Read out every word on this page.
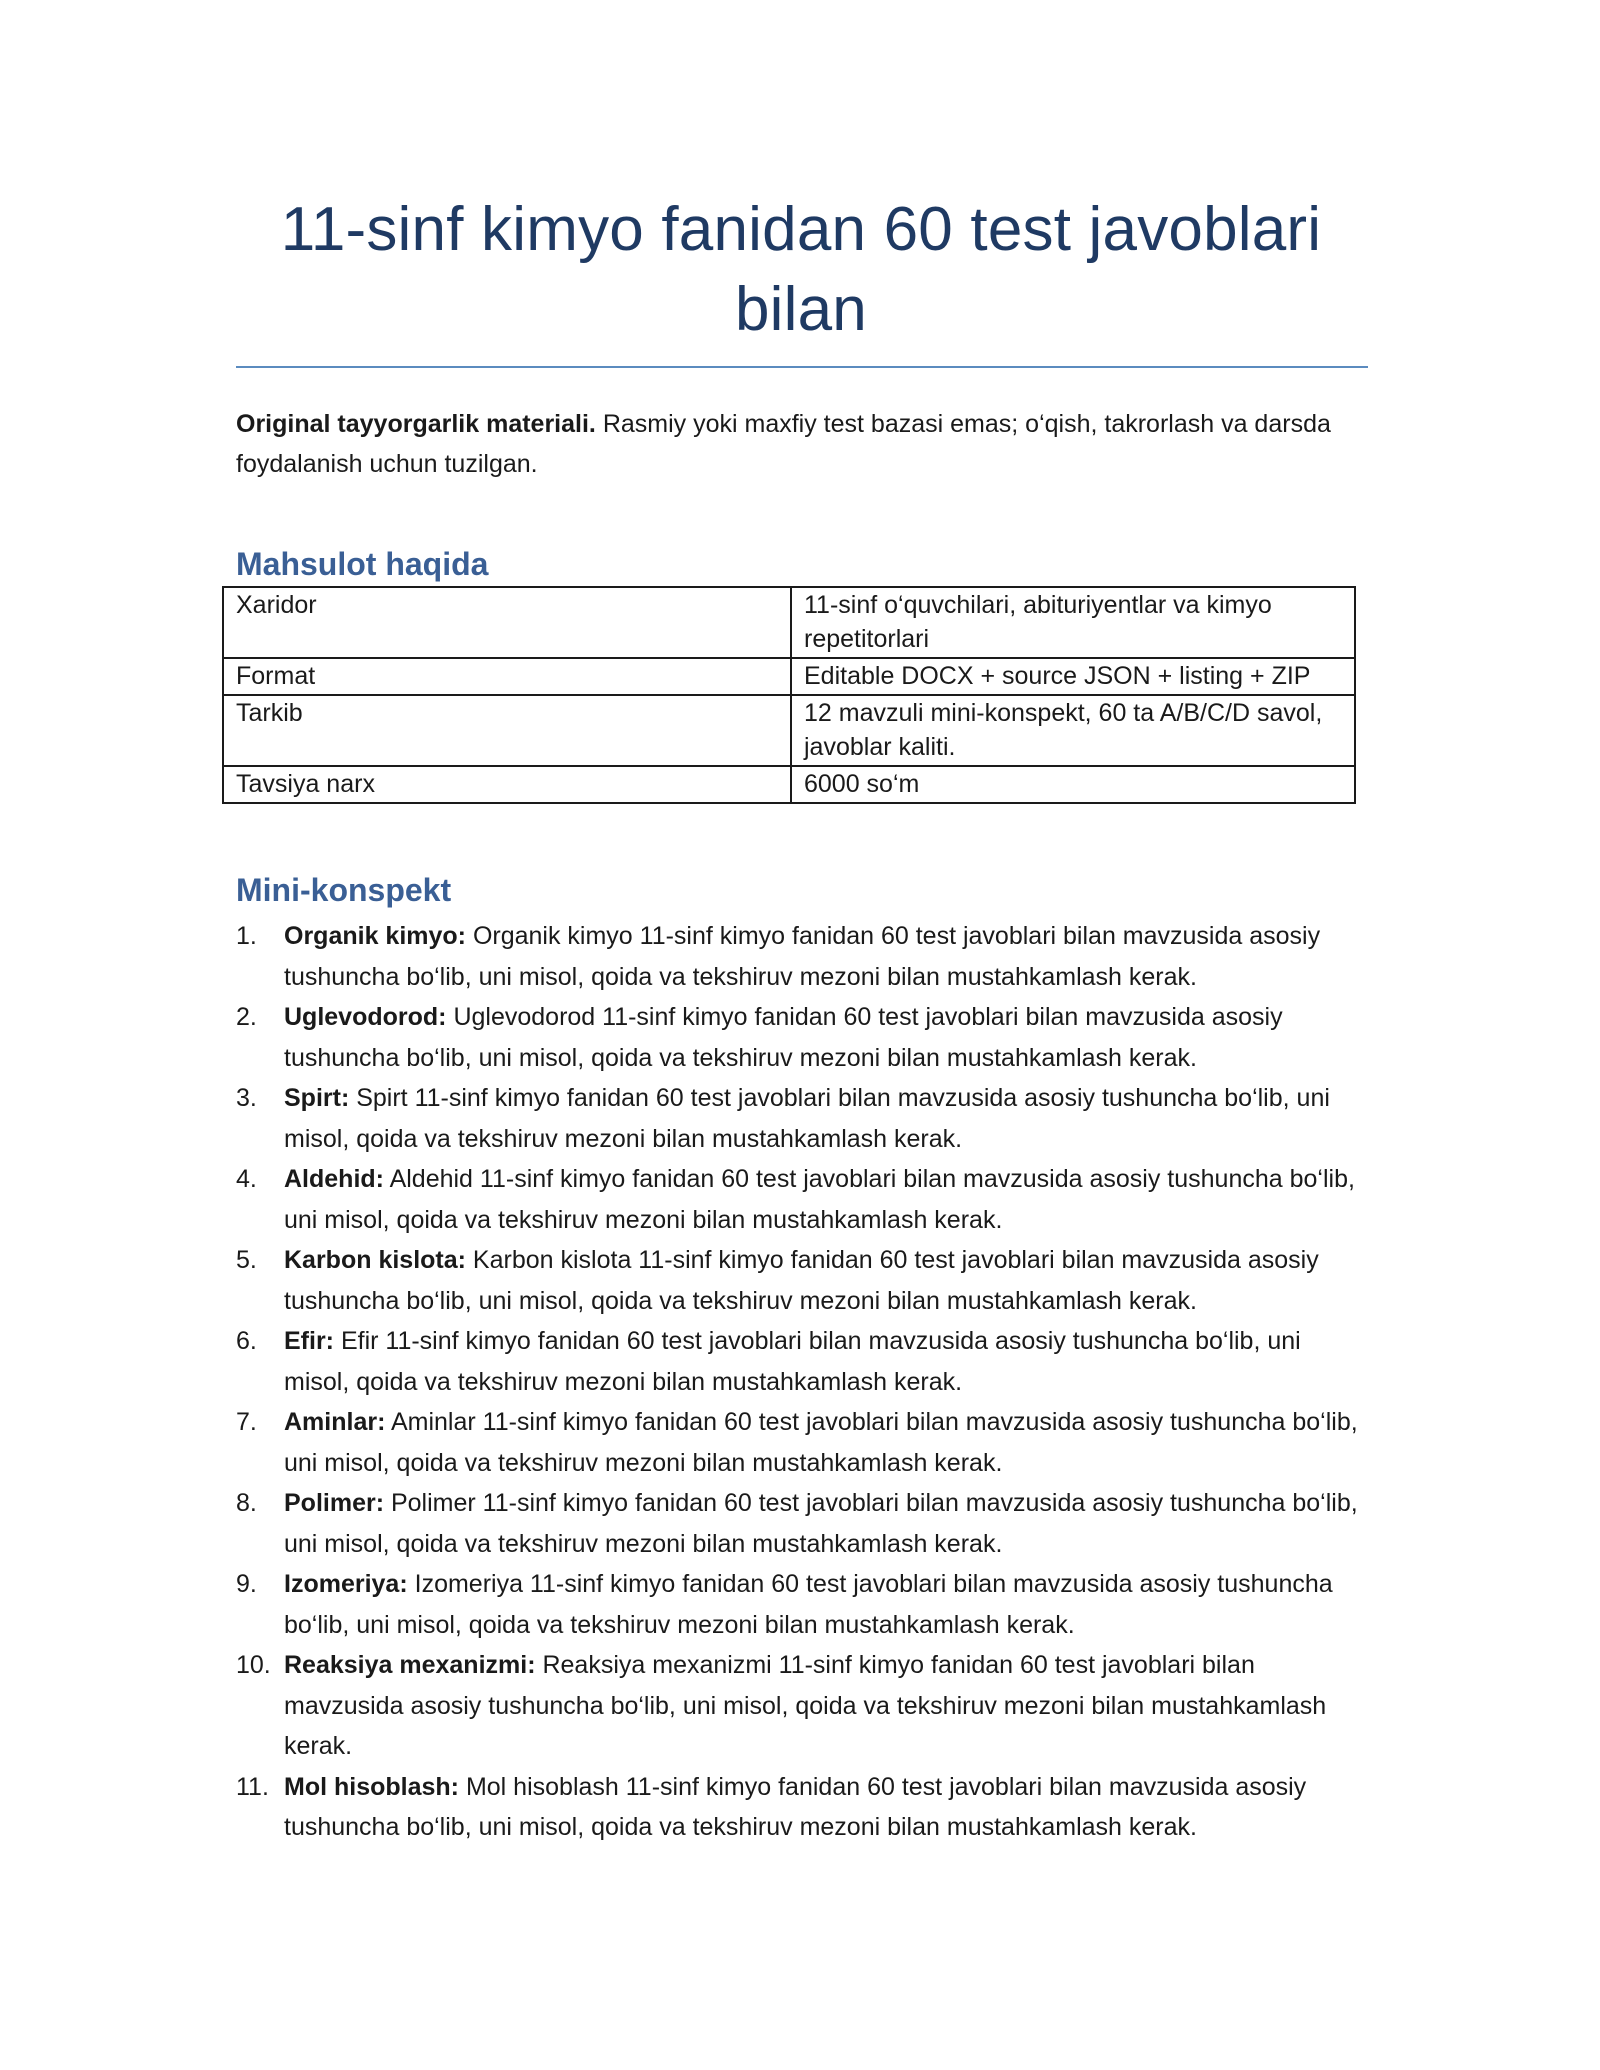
11-sinf kimyo fanidan 60 test javoblari bilan

Original tayyorgarlik materiali. Rasmiy yoki maxfiy test bazasi emas; o‘qish, takrorlash va darsda foydalanish uchun tuzilgan.

Mahsulot haqida
Xaridor	11-sinf o‘quvchilari, abituriyentlar va kimyo repetitorlari
Format	Editable DOCX + source JSON + listing + ZIP
Tarkib	12 mavzuli mini-konspekt, 60 ta A/B/C/D savol, javoblar kaliti.
Tavsiya narx	6000 so‘m
Mini-konspekt
1. Organik kimyo: Organik kimyo 11-sinf kimyo fanidan 60 test javoblari bilan mavzusida asosiy tushuncha bo‘lib, uni misol, qoida va tekshiruv mezoni bilan mustahkamlash kerak.
2. Uglevodorod: Uglevodorod 11-sinf kimyo fanidan 60 test javoblari bilan mavzusida asosiy tushuncha bo‘lib, uni misol, qoida va tekshiruv mezoni bilan mustahkamlash kerak.
3. Spirt: Spirt 11-sinf kimyo fanidan 60 test javoblari bilan mavzusida asosiy tushuncha bo‘lib, uni misol, qoida va tekshiruv mezoni bilan mustahkamlash kerak.
4. Aldehid: Aldehid 11-sinf kimyo fanidan 60 test javoblari bilan mavzusida asosiy tushuncha bo‘lib, uni misol, qoida va tekshiruv mezoni bilan mustahkamlash kerak.
5. Karbon kislota: Karbon kislota 11-sinf kimyo fanidan 60 test javoblari bilan mavzusida asosiy tushuncha bo‘lib, uni misol, qoida va tekshiruv mezoni bilan mustahkamlash kerak.
6. Efir: Efir 11-sinf kimyo fanidan 60 test javoblari bilan mavzusida asosiy tushuncha bo‘lib, uni misol, qoida va tekshiruv mezoni bilan mustahkamlash kerak.
7. Aminlar: Aminlar 11-sinf kimyo fanidan 60 test javoblari bilan mavzusida asosiy tushuncha bo‘lib, uni misol, qoida va tekshiruv mezoni bilan mustahkamlash kerak.
8. Polimer: Polimer 11-sinf kimyo fanidan 60 test javoblari bilan mavzusida asosiy tushuncha bo‘lib, uni misol, qoida va tekshiruv mezoni bilan mustahkamlash kerak.
9. Izomeriya: Izomeriya 11-sinf kimyo fanidan 60 test javoblari bilan mavzusida asosiy tushuncha bo‘lib, uni misol, qoida va tekshiruv mezoni bilan mustahkamlash kerak.
10. Reaksiya mexanizmi: Reaksiya mexanizmi 11-sinf kimyo fanidan 60 test javoblari bilan mavzusida asosiy tushuncha bo‘lib, uni misol, qoida va tekshiruv mezoni bilan mustahkamlash kerak.
11. Mol hisoblash: Mol hisoblash 11-sinf kimyo fanidan 60 test javoblari bilan mavzusida asosiy tushuncha bo‘lib, uni misol, qoida va tekshiruv mezoni bilan mustahkamlash kerak.
